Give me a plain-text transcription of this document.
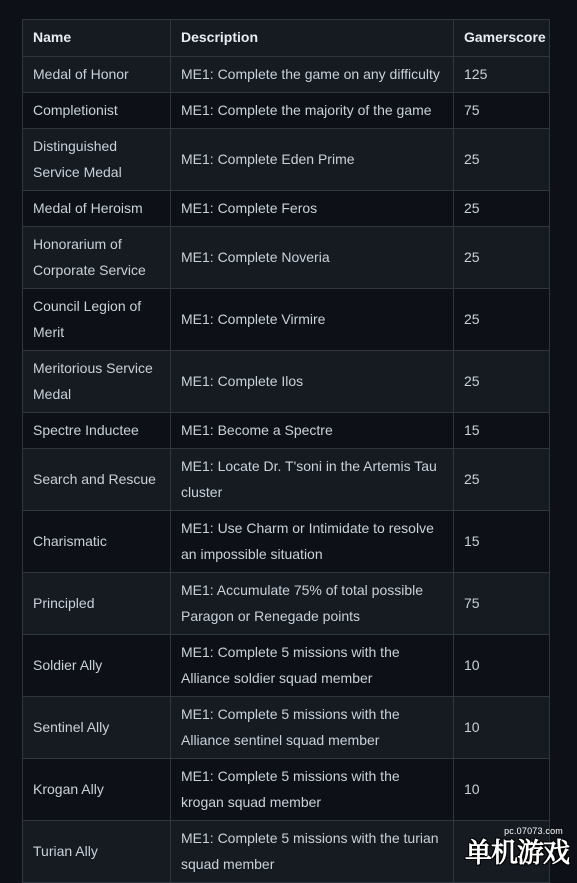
Name	Description	Gamerscore
Medal of Honor	ME1: Complete the game on any difficulty	125
Completionist	ME1: Complete the majority of the game	75
Distinguished Service Medal	ME1: Complete Eden Prime	25
Medal of Heroism	ME1: Complete Feros	25
Honorarium of Corporate Service	ME1: Complete Noveria	25
Council Legion of Merit	ME1: Complete Virmire	25
Meritorious Service Medal	ME1: Complete Ilos	25
Spectre Inductee	ME1: Become a Spectre	15
Search and Rescue	ME1: Locate Dr. T'soni in the Artemis Tau cluster	25
Charismatic	ME1: Use Charm or Intimidate to resolve an impossible situation	15
Principled	ME1: Accumulate 75% of total possible Paragon or Renegade points	75
Soldier Ally	ME1: Complete 5 missions with the Alliance soldier squad member	10
Sentinel Ally	ME1: Complete 5 missions with the Alliance sentinel squad member	10
Krogan Ally	ME1: Complete 5 missions with the krogan squad member	10
Turian Ally	ME1: Complete 5 missions with the turian squad member	
pc.07073.com
单机游戏
